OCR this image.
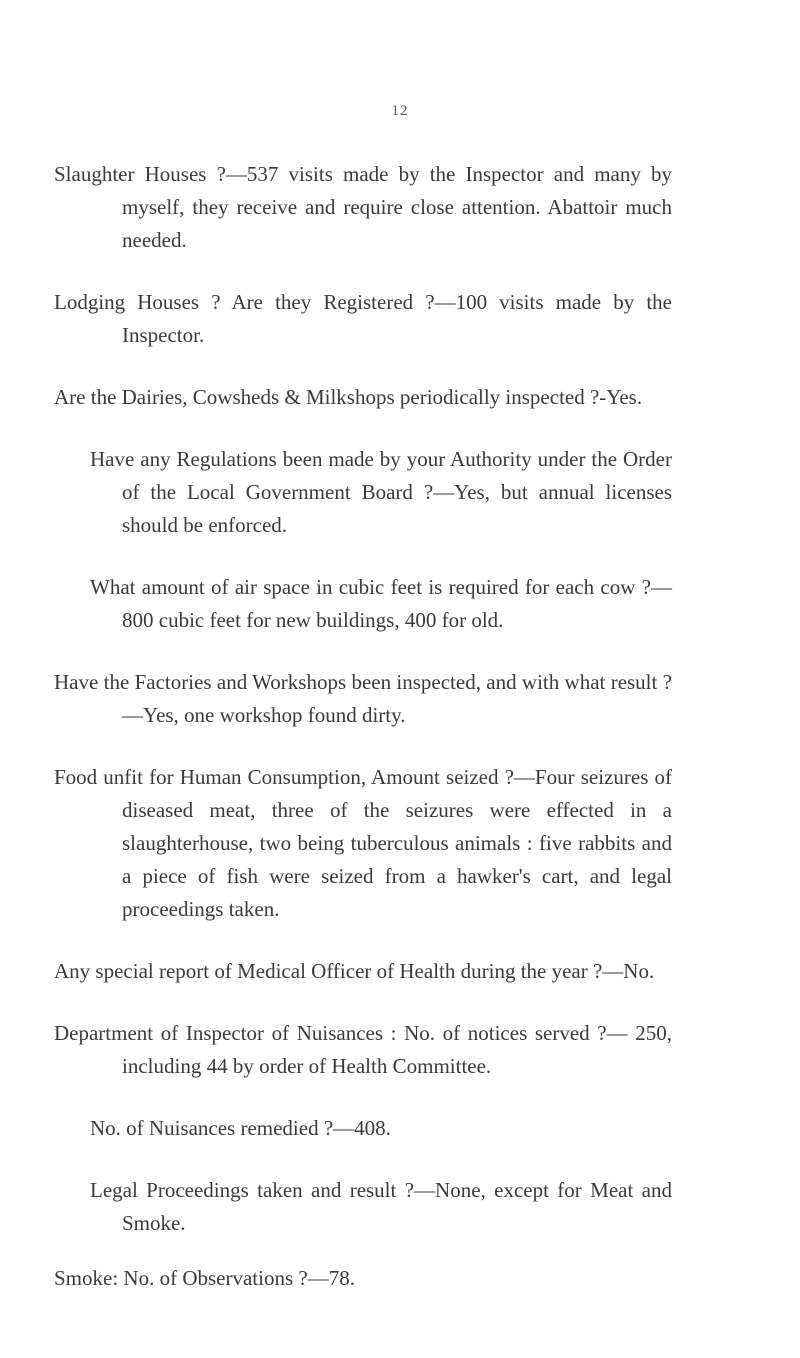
12

Slaughter Houses ?—537 visits made by the Inspector and many by myself, they receive and require close attention. Abattoir much needed.

Lodging Houses ? Are they Registered ?—100 visits made by the Inspector.

Are the Dairies, Cowsheds & Milkshops periodically inspected ?-Yes.

Have any Regulations been made by your Authority under the Order of the Local Government Board ?—Yes, but annual licenses should be enforced.

What amount of air space in cubic feet is required for each cow ?—800 cubic feet for new buildings, 400 for old.

Have the Factories and Workshops been inspected, and with what result ?—Yes, one workshop found dirty.

Food unfit for Human Consumption, Amount seized ?—Four seizures of diseased meat, three of the seizures were effected in a slaughterhouse, two being tuberculous animals : five rabbits and a piece of fish were seized from a hawker's cart, and legal proceedings taken.

Any special report of Medical Officer of Health during the year ?—No.

Department of Inspector of Nuisances : No. of notices served ?— 250, including 44 by order of Health Committee.

No. of Nuisances remedied ?—408.

Legal Proceedings taken and result ?—None, except for Meat and Smoke.

Smoke: No. of Observations ?—78.
